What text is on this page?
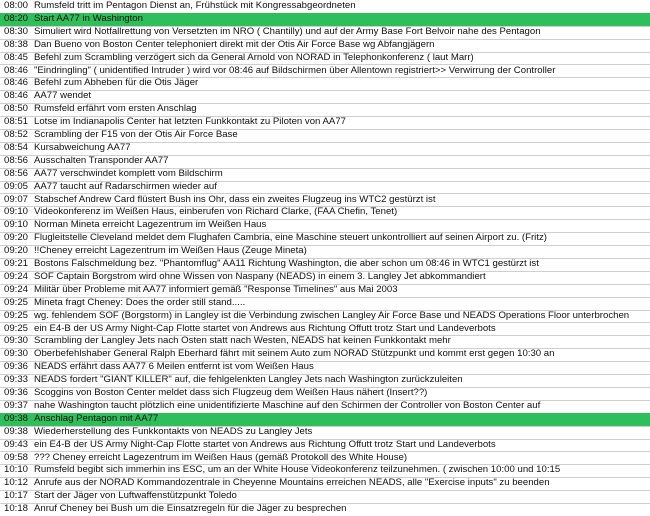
08:00 Rumsfeld tritt im Pentagon Dienst an, Frühstück mit Kongressabgeordneten
08:20 Start AA77 in Washington
08:30 Simuliert wird Notfallrettung von Versetzten im NRO ( Chantilly) und auf der Army Base Fort Belvoir nahe des Pentagon
08:38 Dan Bueno von Boston Center telephoniert direkt mit der Otis Air Force Base wg Abfangjägern
08:45 Befehl zum Scrambling verzögert sich da General Arnold von NORAD in Telephonkonferenz ( laut Marr)
08:46 "Eindringling" ( unidentified Intruder ) wird vor 08:46 auf Bildschirmen über Allentown registriert>> Verwirrung der Controller
08:46 Befehl zum Abheben für die Otis Jäger
08:46 AA77 wendet
08:50 Rumsfeld erfährt vom ersten Anschlag
08:51 Lotse im Indianapolis Center hat letzten Funkkontakt zu Piloten von AA77
08:52 Scrambling der F15 von der Otis Air Force Base
08:54 Kursabweichung AA77
08:56 Ausschalten Transponder AA77
08:56 AA77 verschwindet komplett vom Bildschirm
09:05 AA77 taucht auf Radarschirmen wieder auf
09:07 Stabschef Andrew Card flüstert Bush ins Ohr, dass ein zweites Flugzeug ins WTC2 gestürzt ist
09:10 Videokonferenz im Weißen Haus, einberufen von Richard Clarke, (FAA Chefin, Tenet)
09:10 Norman Mineta erreicht Lagezentrum im Weißen Haus
09:20 Flugleitstelle Cleveland meldet dem Flughafen Cambria, eine Maschine steuert unkontrolliert auf seinen Airport zu. (Fritz)
09:20 !!Cheney erreicht Lagezentrum im Weißen Haus (Zeuge Mineta)
09:21 Bostons Falschmeldung bez. "Phantomflug" AA11 Richtung Washington, die aber schon um 08:46 in WTC1 gestürzt ist
09:24 SOF Captain Borgstrom wird ohne Wissen von Naspany (NEADS) in einem 3. Langley Jet abkommandiert
09:24 Militär über Probleme mit AA77 informiert gemäß "Response Timelines" aus Mai 2003
09:25 Mineta fragt Cheney: Does the order still stand.....
09:25 wg. fehlendem SOF (Borgstorm) in Langley ist die Verbindung zwischen Langley Air Force Base und NEADS Operations Floor unterbrochen
09:25 ein E4-B der US Army Night-Cap Flotte startet von Andrews aus Richtung Offutt trotz Start und Landeverbots
09:30 Scrambling der Langley Jets nach Osten statt nach Westen, NEADS hat keinen Funkkontakt mehr
09:30 Oberbefehlshaber General Ralph Eberhard fährt mit seinem Auto zum NORAD Stützpunkt und kommt erst gegen 10:30 an
09:36 NEADS erfährt dass AA77 6 Meilen entfernt ist vom Weißen Haus
09:33 NEADS fordert "GIANT KILLER" auf, die fehlgelenkten Langley Jets nach Washington zurückzuleiten
09:36 Scoggins von Boston Center meldet dass sich Flugzeug dem Weißen Haus nähert (Insert??)
09:37 nahe Washington taucht plötzlich eine unidentifizierte Maschine auf den Schirmen der Controller von Boston Center auf
09:38 Anschlag Pentagon mit AA77
09:38 Wiederherstellung des Funkkontakts von NEADS zu Langley Jets
09:43 ein E4-B der US Army Night-Cap Flotte startet von Andrews aus Richtung Offutt trotz Start und Landeverbots
09:58 ??? Cheney erreicht Lagezentrum im Weißen Haus (gemäß Protokoll des White House)
10:10 Rumsfeld begibt sich immerhin ins ESC, um an der White House Videokonferenz teilzunehmen. ( zwischen 10:00 und 10:15
10:12 Anrufe aus der NORAD Kommandozentrale in Cheyenne Mountains erreichen NEADS, alle "Exercise inputs" zu beenden
10:17 Start der Jäger von Luftwaffenstützpunkt Toledo
10:18 Anruf Cheney bei Bush um die Einsatzregeln für die Jäger zu besprechen
